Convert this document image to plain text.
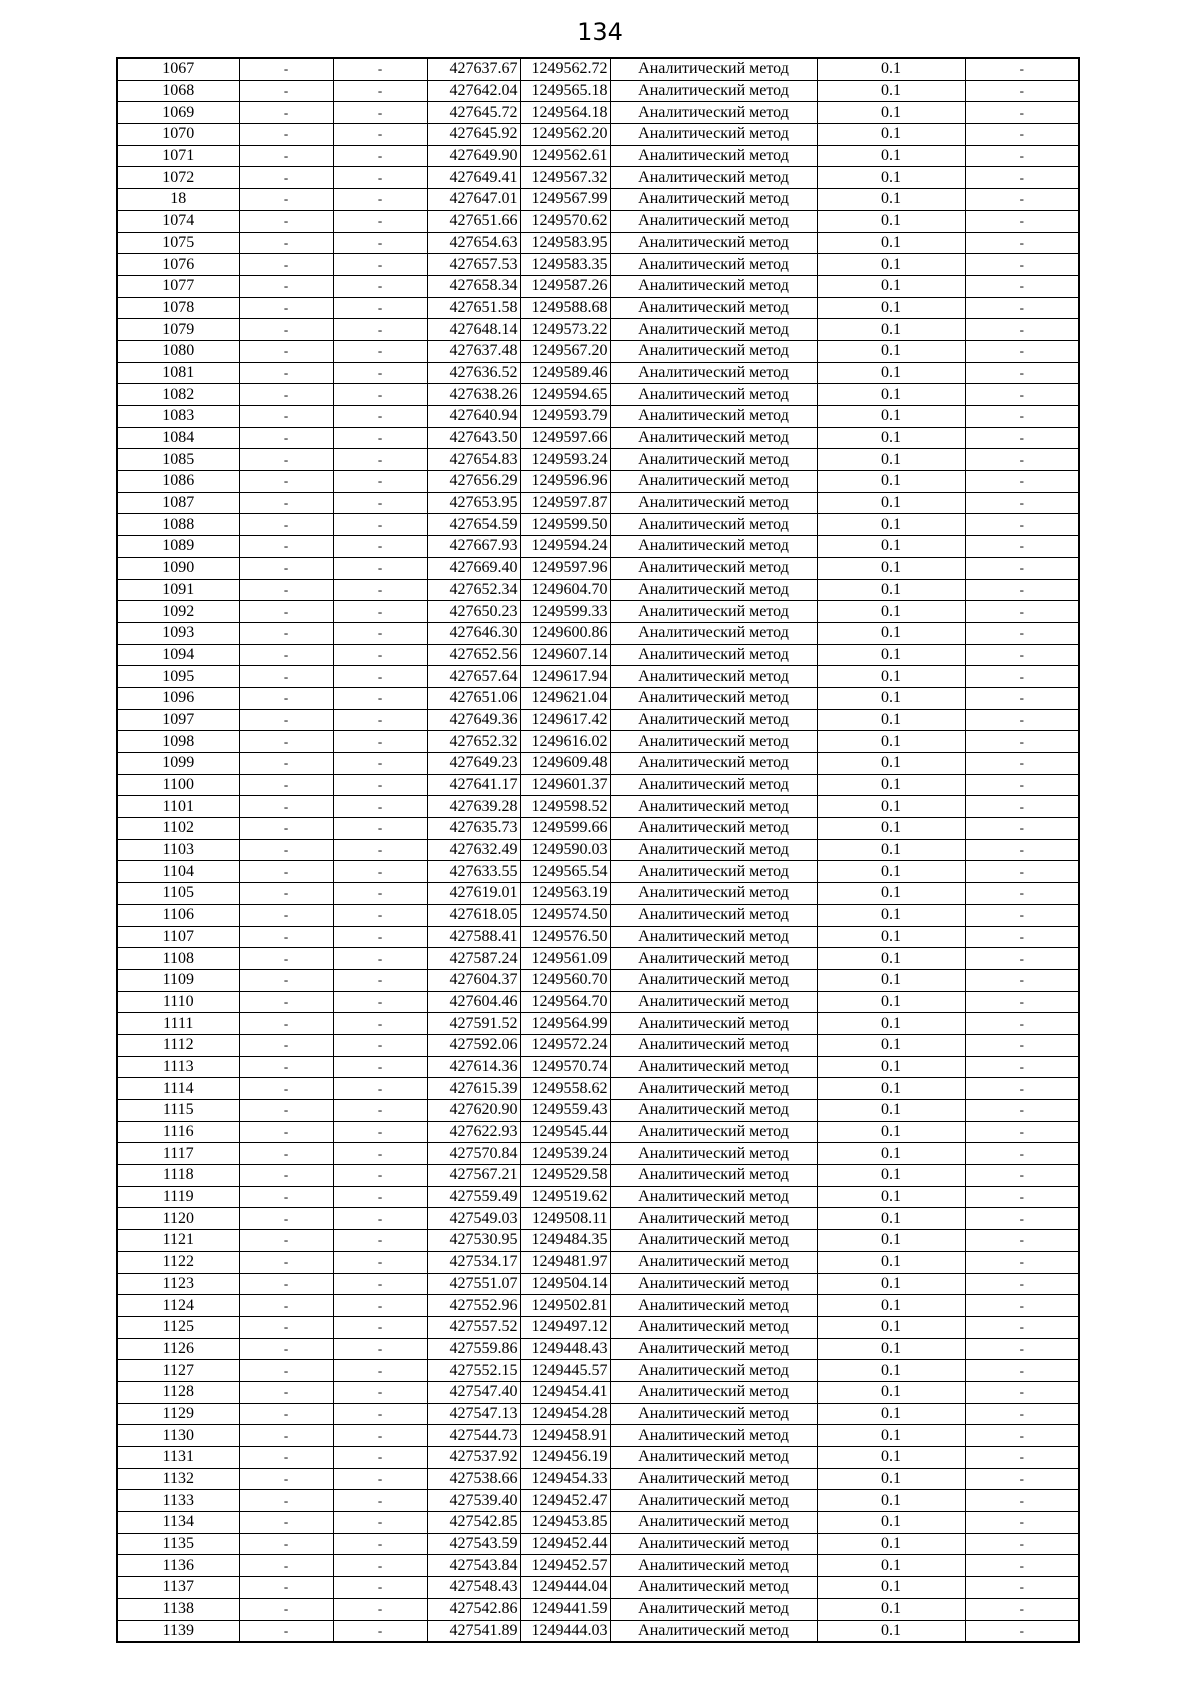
134
1067	-	-	427637.67	1249562.72	Аналитический метод	0.1	-
1068	-	-	427642.04	1249565.18	Аналитический метод	0.1	-
1069	-	-	427645.72	1249564.18	Аналитический метод	0.1	-
1070	-	-	427645.92	1249562.20	Аналитический метод	0.1	-
1071	-	-	427649.90	1249562.61	Аналитический метод	0.1	-
1072	-	-	427649.41	1249567.32	Аналитический метод	0.1	-
18	-	-	427647.01	1249567.99	Аналитический метод	0.1	-
1074	-	-	427651.66	1249570.62	Аналитический метод	0.1	-
1075	-	-	427654.63	1249583.95	Аналитический метод	0.1	-
1076	-	-	427657.53	1249583.35	Аналитический метод	0.1	-
1077	-	-	427658.34	1249587.26	Аналитический метод	0.1	-
1078	-	-	427651.58	1249588.68	Аналитический метод	0.1	-
1079	-	-	427648.14	1249573.22	Аналитический метод	0.1	-
1080	-	-	427637.48	1249567.20	Аналитический метод	0.1	-
1081	-	-	427636.52	1249589.46	Аналитический метод	0.1	-
1082	-	-	427638.26	1249594.65	Аналитический метод	0.1	-
1083	-	-	427640.94	1249593.79	Аналитический метод	0.1	-
1084	-	-	427643.50	1249597.66	Аналитический метод	0.1	-
1085	-	-	427654.83	1249593.24	Аналитический метод	0.1	-
1086	-	-	427656.29	1249596.96	Аналитический метод	0.1	-
1087	-	-	427653.95	1249597.87	Аналитический метод	0.1	-
1088	-	-	427654.59	1249599.50	Аналитический метод	0.1	-
1089	-	-	427667.93	1249594.24	Аналитический метод	0.1	-
1090	-	-	427669.40	1249597.96	Аналитический метод	0.1	-
1091	-	-	427652.34	1249604.70	Аналитический метод	0.1	-
1092	-	-	427650.23	1249599.33	Аналитический метод	0.1	-
1093	-	-	427646.30	1249600.86	Аналитический метод	0.1	-
1094	-	-	427652.56	1249607.14	Аналитический метод	0.1	-
1095	-	-	427657.64	1249617.94	Аналитический метод	0.1	-
1096	-	-	427651.06	1249621.04	Аналитический метод	0.1	-
1097	-	-	427649.36	1249617.42	Аналитический метод	0.1	-
1098	-	-	427652.32	1249616.02	Аналитический метод	0.1	-
1099	-	-	427649.23	1249609.48	Аналитический метод	0.1	-
1100	-	-	427641.17	1249601.37	Аналитический метод	0.1	-
1101	-	-	427639.28	1249598.52	Аналитический метод	0.1	-
1102	-	-	427635.73	1249599.66	Аналитический метод	0.1	-
1103	-	-	427632.49	1249590.03	Аналитический метод	0.1	-
1104	-	-	427633.55	1249565.54	Аналитический метод	0.1	-
1105	-	-	427619.01	1249563.19	Аналитический метод	0.1	-
1106	-	-	427618.05	1249574.50	Аналитический метод	0.1	-
1107	-	-	427588.41	1249576.50	Аналитический метод	0.1	-
1108	-	-	427587.24	1249561.09	Аналитический метод	0.1	-
1109	-	-	427604.37	1249560.70	Аналитический метод	0.1	-
1110	-	-	427604.46	1249564.70	Аналитический метод	0.1	-
1111	-	-	427591.52	1249564.99	Аналитический метод	0.1	-
1112	-	-	427592.06	1249572.24	Аналитический метод	0.1	-
1113	-	-	427614.36	1249570.74	Аналитический метод	0.1	-
1114	-	-	427615.39	1249558.62	Аналитический метод	0.1	-
1115	-	-	427620.90	1249559.43	Аналитический метод	0.1	-
1116	-	-	427622.93	1249545.44	Аналитический метод	0.1	-
1117	-	-	427570.84	1249539.24	Аналитический метод	0.1	-
1118	-	-	427567.21	1249529.58	Аналитический метод	0.1	-
1119	-	-	427559.49	1249519.62	Аналитический метод	0.1	-
1120	-	-	427549.03	1249508.11	Аналитический метод	0.1	-
1121	-	-	427530.95	1249484.35	Аналитический метод	0.1	-
1122	-	-	427534.17	1249481.97	Аналитический метод	0.1	-
1123	-	-	427551.07	1249504.14	Аналитический метод	0.1	-
1124	-	-	427552.96	1249502.81	Аналитический метод	0.1	-
1125	-	-	427557.52	1249497.12	Аналитический метод	0.1	-
1126	-	-	427559.86	1249448.43	Аналитический метод	0.1	-
1127	-	-	427552.15	1249445.57	Аналитический метод	0.1	-
1128	-	-	427547.40	1249454.41	Аналитический метод	0.1	-
1129	-	-	427547.13	1249454.28	Аналитический метод	0.1	-
1130	-	-	427544.73	1249458.91	Аналитический метод	0.1	-
1131	-	-	427537.92	1249456.19	Аналитический метод	0.1	-
1132	-	-	427538.66	1249454.33	Аналитический метод	0.1	-
1133	-	-	427539.40	1249452.47	Аналитический метод	0.1	-
1134	-	-	427542.85	1249453.85	Аналитический метод	0.1	-
1135	-	-	427543.59	1249452.44	Аналитический метод	0.1	-
1136	-	-	427543.84	1249452.57	Аналитический метод	0.1	-
1137	-	-	427548.43	1249444.04	Аналитический метод	0.1	-
1138	-	-	427542.86	1249441.59	Аналитический метод	0.1	-
1139	-	-	427541.89	1249444.03	Аналитический метод	0.1	-
